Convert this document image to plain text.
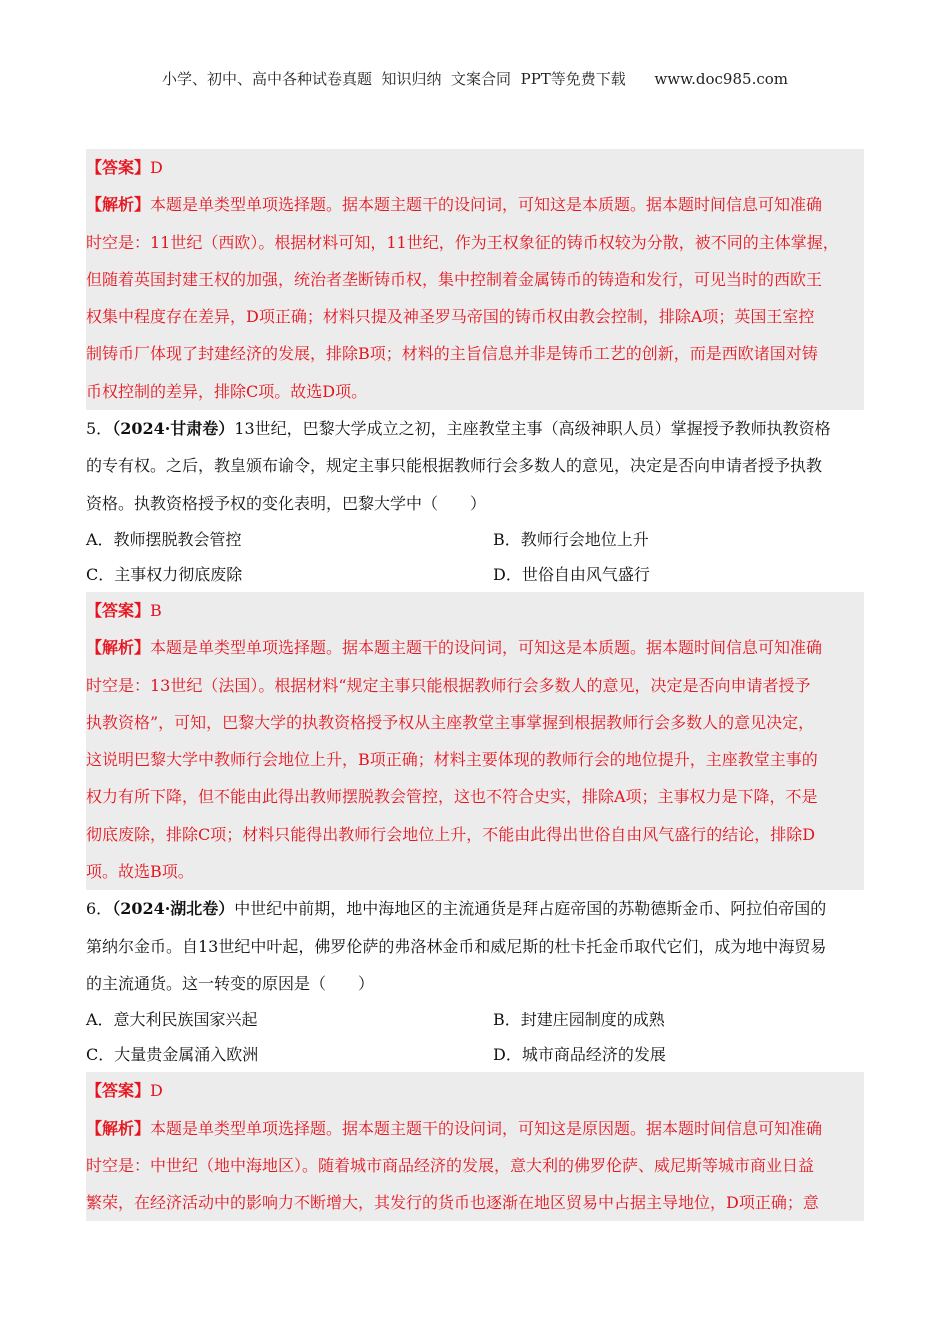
小学、初中、高中各种试卷真题  知识归纳  文案合同  PPT等免费下载      www.doc985.com

【答案】D

【解析】本题是单类型单项选择题。据本题主题干的设问词，可知这是本质题。据本题时间信息可知准确

时空是：11世纪（西欧）。根据材料可知，11世纪，作为王权象征的铸币权较为分散，被不同的主体掌握，

但随着英国封建王权的加强，统治者垄断铸币权，集中控制着金属铸币的铸造和发行，可见当时的西欧王

权集中程度存在差异，D项正确；材料只提及神圣罗马帝国的铸币权由教会控制，排除A项；英国王室控

制铸币厂体现了封建经济的发展，排除B项；材料的主旨信息并非是铸币工艺的创新，而是西欧诸国对铸

币权控制的差异，排除C项。故选D项。

5．（2024·甘肃卷）13世纪，巴黎大学成立之初，主座教堂主事（高级神职人员）掌握授予教师执教资格

的专有权。之后，教皇颁布谕令，规定主事只能根据教师行会多数人的意见，决定是否向申请者授予执教

资格。执教资格授予权的变化表明，巴黎大学中（　　）

A．教师摆脱教会管控	B．教师行会地位上升
C．主事权力彻底废除	D．世俗自由风气盛行

【答案】B

【解析】本题是单类型单项选择题。据本题主题干的设问词，可知这是本质题。据本题时间信息可知准确

时空是：13世纪（法国）。根据材料“规定主事只能根据教师行会多数人的意见，决定是否向申请者授予

执教资格”，可知，巴黎大学的执教资格授予权从主座教堂主事掌握到根据教师行会多数人的意见决定，

这说明巴黎大学中教师行会地位上升，B项正确；材料主要体现的教师行会的地位提升，主座教堂主事的

权力有所下降，但不能由此得出教师摆脱教会管控，这也不符合史实，排除A项；主事权力是下降，不是

彻底废除，排除C项；材料只能得出教师行会地位上升，不能由此得出世俗自由风气盛行的结论，排除D

项。故选B项。

6．（2024·湖北卷）中世纪中前期，地中海地区的主流通货是拜占庭帝国的苏勒德斯金币、阿拉伯帝国的

第纳尔金币。自13世纪中叶起，佛罗伦萨的弗洛林金币和威尼斯的杜卡托金币取代它们，成为地中海贸易

的主流通货。这一转变的原因是（　　）

A．意大利民族国家兴起	B．封建庄园制度的成熟
C．大量贵金属涌入欧洲	D．城市商品经济的发展

【答案】D

【解析】本题是单类型单项选择题。据本题主题干的设问词，可知这是原因题。据本题时间信息可知准确

时空是：中世纪（地中海地区）。随着城市商品经济的发展，意大利的佛罗伦萨、威尼斯等城市商业日益

繁荣，在经济活动中的影响力不断增大，其发行的货币也逐渐在地区贸易中占据主导地位，D项正确；意
